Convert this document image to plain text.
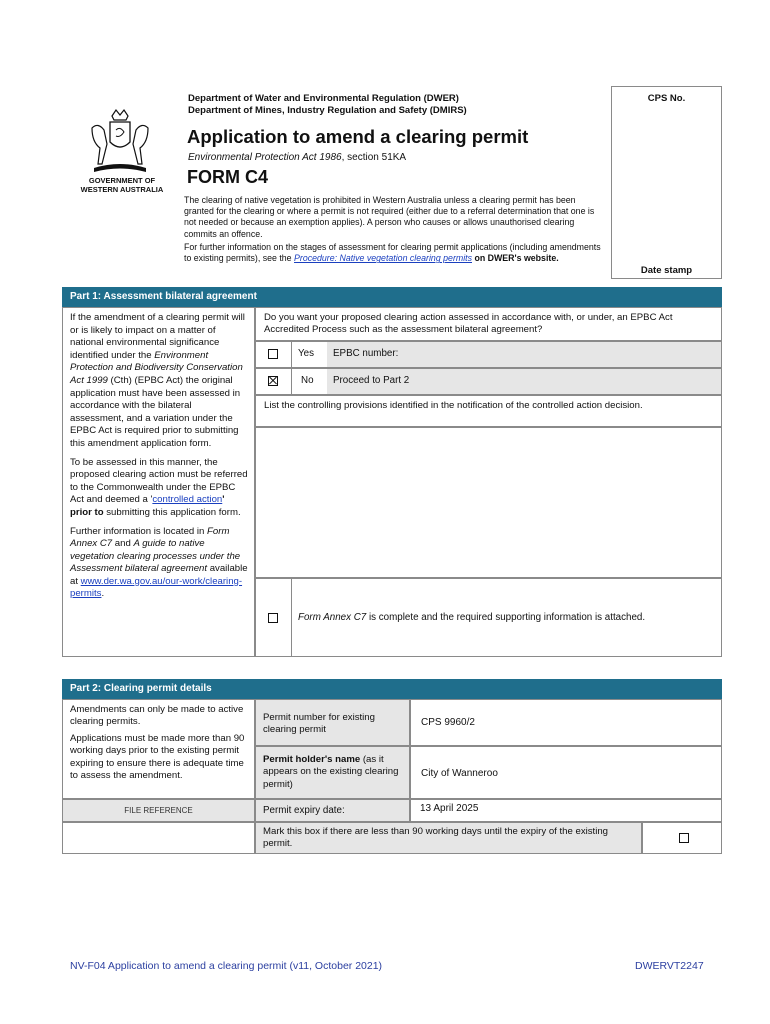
GOVERNMENT OF
WESTERN AUSTRALIA
Department of Water and Environmental Regulation (DWER)
Department of Mines, Industry Regulation and Safety (DMIRS)
Application to amend a clearing permit
Environmental Protection Act 1986, section 51KA
FORM C4
The clearing of native vegetation is prohibited in Western Australia unless a clearing permit has been granted for the clearing or where a permit is not required (either due to a referral determination that one is not needed or because an exemption applies). A person who causes or allows unauthorised clearing commits an offence.
For further information on the stages of assessment for clearing permit applications (including amendments to existing permits), see the Procedure: Native vegetation clearing permits on DWER's website.
CPS No.
Date stamp
Part 1: Assessment bilateral agreement

If the amendment of a clearing permit will or is likely to impact on a matter of national environmental significance identified under the Environment Protection and Biodiversity Conservation Act 1999 (Cth) (EPBC Act) the original application must have been assessed in accordance with the bilateral assessment, and a variation under the EPBC Act is required prior to submitting this amendment application form.

To be assessed in this manner, the proposed clearing action must be referred to the Commonwealth under the EPBC Act and deemed a 'controlled action' prior to submitting this application form.

Further information is located in Form Annex C7 and A guide to native vegetation clearing processes under the Assessment bilateral agreement available at www.der.wa.gov.au/our-work/clearing-permits.

Do you want your proposed clearing action assessed in accordance with, or under, an EPBC Act Accredited Process such as the assessment bilateral agreement?
Yes EPBC number:
No Proceed to Part 2
List the controlling provisions identified in the notification of the controlled action decision.
Form Annex C7 is complete and the required supporting information is attached.
Part 2: Clearing permit details

Amendments can only be made to active clearing permits.

Applications must be made more than 90 working days prior to the existing permit expiring to ensure there is adequate time to assess the amendment.

Permit number for existing clearing permit
CPS 9960/2
Permit holder's name (as it appears on the existing clearing permit)
City of Wanneroo
FILE REFERENCE	Permit expiry date:	13 April 2025
Mark this box if there are less than 90 working days until the expiry of the existing permit.
NV-F04 Application to amend a clearing permit (v11, October 2021)	DWERVT2247
